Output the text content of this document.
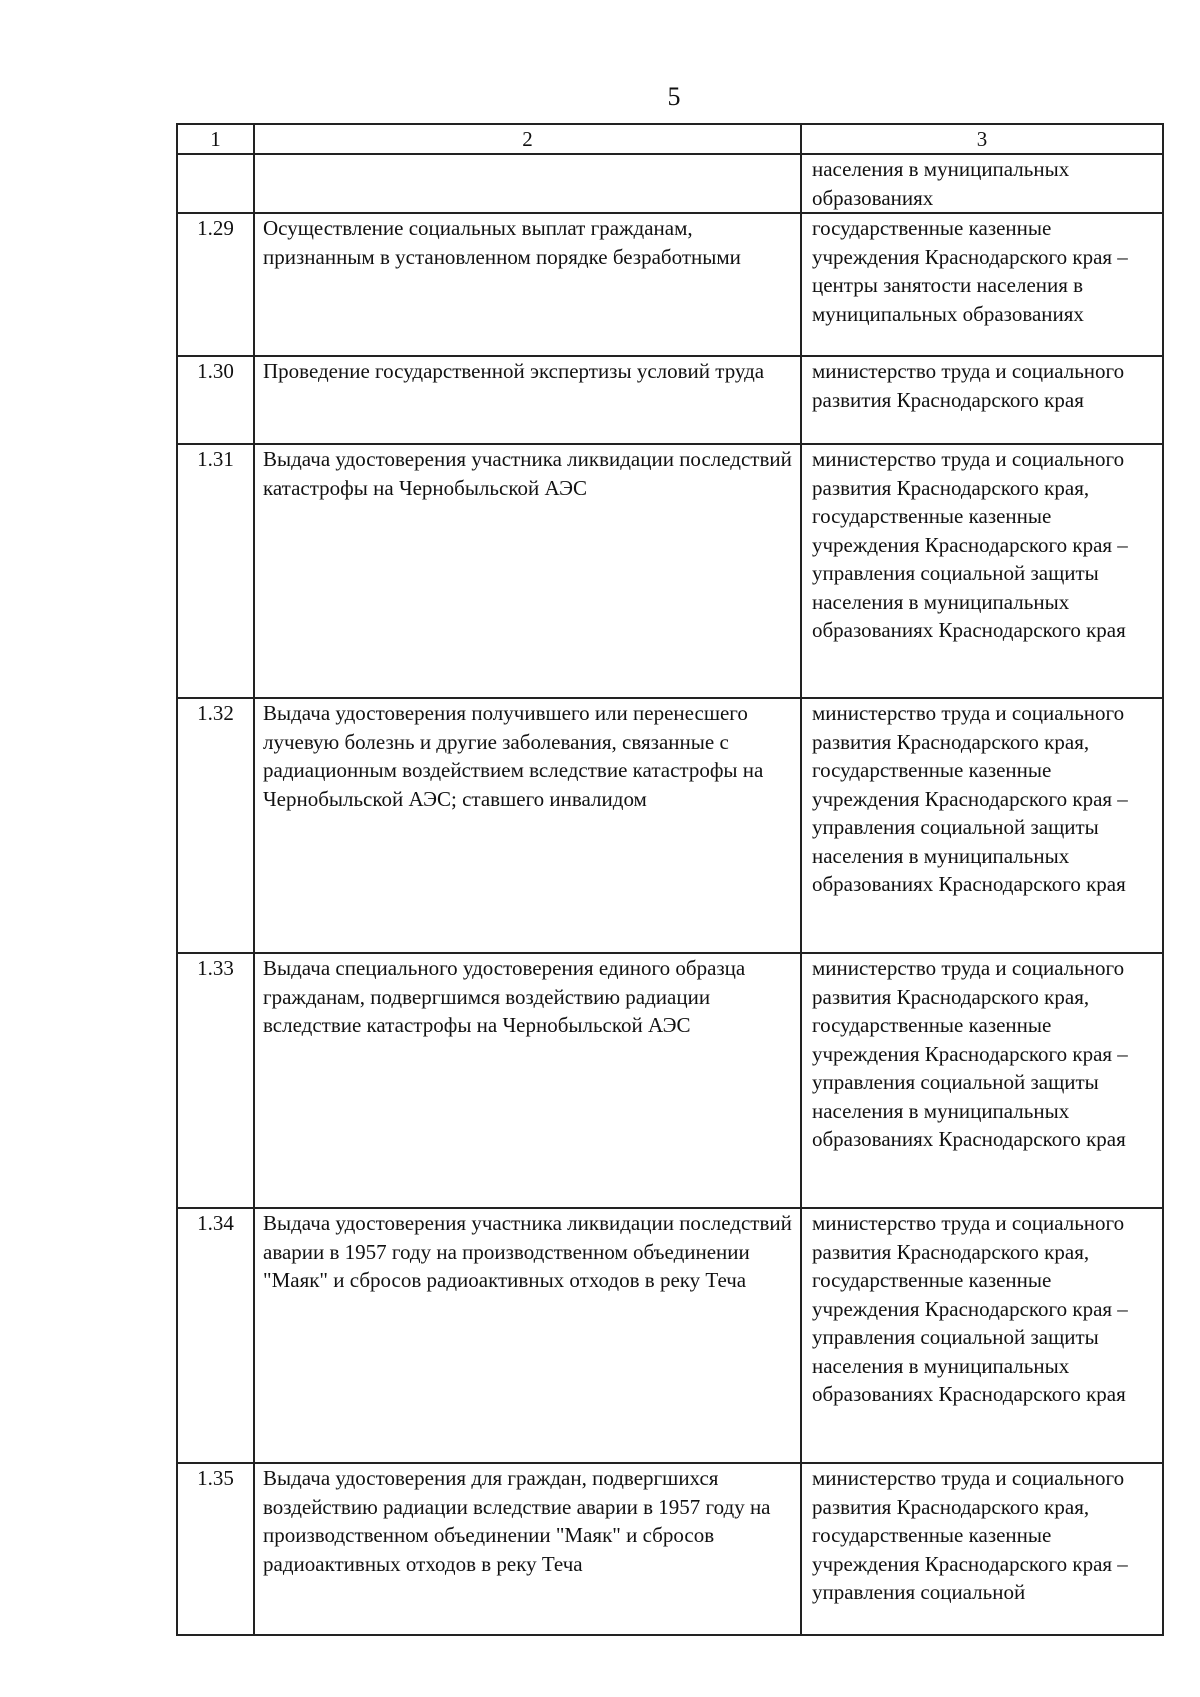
5
1	2	3
		населения в муниципальных образованиях
1.29	Осуществление социальных выплат гражданам, признанным в установленном порядке безработными	государственные казенные учреждения Краснодарского края – центры занятости населения в муниципальных образованиях
1.30	Проведение государственной экспертизы условий труда	министерство труда и социального развития Краснодарского края
1.31	Выдача удостоверения участника ликвидации последствий катастрофы на Чернобыльской АЭС	министерство труда и социального развития Краснодарского края, государственные казенные учреждения Краснодарского края – управления социальной защиты населения в муниципальных образованиях Краснодарского края
1.32	Выдача удостоверения получившего или перенесшего лучевую болезнь и другие заболевания, связанные с радиационным воздействием вследствие катастрофы на Чернобыльской АЭС; ставшего инвалидом	министерство труда и социального развития Краснодарского края, государственные казенные учреждения Краснодарского края – управления социальной защиты населения в муниципальных образованиях Краснодарского края
1.33	Выдача специального удостоверения единого образца гражданам, подвергшимся воздействию радиации вследствие катастрофы на Чернобыльской АЭС	министерство труда и социального развития Краснодарского края, государственные казенные учреждения Краснодарского края – управления социальной защиты населения в муниципальных образованиях Краснодарского края
1.34	Выдача удостоверения участника ликвидации последствий аварии в 1957 году на производственном объединении "Маяк" и сбросов радиоактивных отходов в реку Теча	министерство труда и социального развития Краснодарского края, государственные казенные учреждения Краснодарского края – управления социальной защиты населения в муниципальных образованиях Краснодарского края
1.35	Выдача удостоверения для граждан, подвергшихся воздействию радиации вследствие аварии в 1957 году на производственном объединении "Маяк" и сбросов радиоактивных отходов в реку Теча	министерство труда и социального развития Краснодарского края, государственные казенные учреждения Краснодарского края – управления социальной
